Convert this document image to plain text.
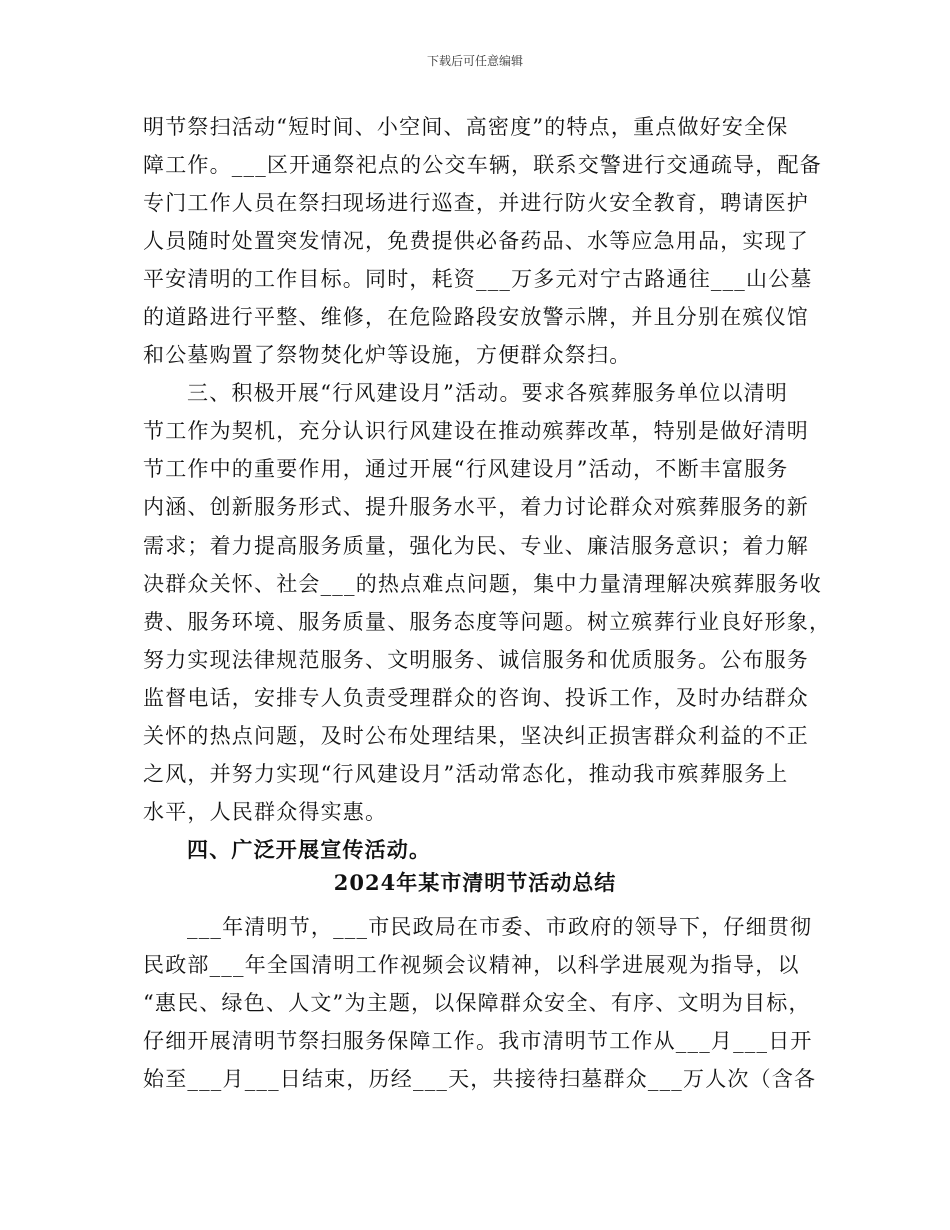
下载后可任意编辑
明节祭扫活动“短时间、小空间、高密度”的特点，重点做好安全保
障工作。___区开通祭祀点的公交车辆，联系交警进行交通疏导，配备
专门工作人员在祭扫现场进行巡查，并进行防火安全教育，聘请医护
人员随时处置突发情况，免费提供必备药品、水等应急用品，实现了
平安清明的工作目标。同时，耗资___万多元对宁古路通往___山公墓
的道路进行平整、维修，在危险路段安放警示牌，并且分别在殡仪馆
和公墓购置了祭物焚化炉等设施，方便群众祭扫。
三、积极开展“行风建设月”活动。要求各殡葬服务单位以清明
节工作为契机，充分认识行风建设在推动殡葬改革，特别是做好清明
节工作中的重要作用，通过开展“行风建设月”活动，不断丰富服务
内涵、创新服务形式、提升服务水平，着力讨论群众对殡葬服务的新
需求；着力提高服务质量，强化为民、专业、廉洁服务意识；着力解
决群众关怀、社会___的热点难点问题，集中力量清理解决殡葬服务收
费、服务环境、服务质量、服务态度等问题。树立殡葬行业良好形象，
努力实现法律规范服务、文明服务、诚信服务和优质服务。公布服务
监督电话，安排专人负责受理群众的咨询、投诉工作，及时办结群众
关怀的热点问题，及时公布处理结果，坚决纠正损害群众利益的不正
之风，并努力实现“行风建设月”活动常态化，推动我市殡葬服务上
水平，人民群众得实惠。
四、广泛开展宣传活动。
2024年某市清明节活动总结
___年清明节，___市民政局在市委、市政府的领导下，仔细贯彻
民政部___年全国清明工作视频会议精神，以科学进展观为指导，以
“惠民、绿色、人文”为主题，以保障群众安全、有序、文明为目标，
仔细开展清明节祭扫服务保障工作。我市清明节工作从___月___日开
始至___月___日结束，历经___天，共接待扫墓群众___万人次（含各
